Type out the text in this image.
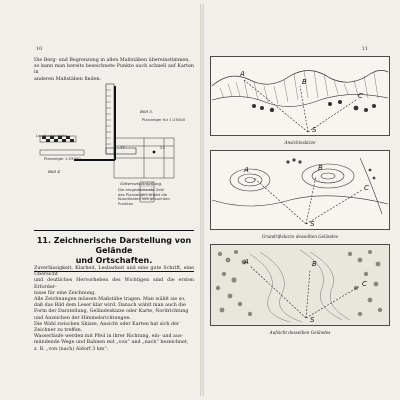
10
Die Berg- und Begrenzung in allen Maßstäben übereinstimmen,
so kann man bereits bezeichnete Punkte auch schnell auf Karten in
anderen Maßstäben finden.
Bild 5.
Planzeiger für 1:25000
77	24
Landkartenblatt
Planzeiger 1:25000
Bild 4
Gitternetzeinteilung.
Die eingezeichnete Zahl des Planzeigers ergibt die Koordinaten des gesuchten Punktes
11. Zeichnerische Darstellung von Gelände
und Ortschaften.
Zuverlässigkeit, Klarheit, Lesbarkeit und eine gute Schrift, eine Übersicht
und deutliches Hervorheben des Wichtigen sind die ersten Erforder-
nisse für eine Zeichnung.
Alle Zeichnungen müssen Maßstäbe tragen. Man wählt sie so,
daß das Bild dem Leser klar wird. Danach wählt man auch die
Form der Darstellung, Geländeskizze oder Karte, Nordrichtung
und Anzeichen der Himmelsrichtungen.
Die Wahl zwischen Skizze, Ansicht oder Karten hat sich der
Zeichner zu treffen.
Wasserläufe werden mit Pfeil in ihrer Richtung, ein- und aus-
mündende Wege und Bahnen mit „von“ und „nach“ bezeichnet,
z. B. „von (nach) Aldorf 3 km“.
11
A
B
C
S
Ansichtsskizze
A	B
C
S
Grundrißskizze desselben Geländes
A	B
C
S
Aufsicht desselben Geländes
